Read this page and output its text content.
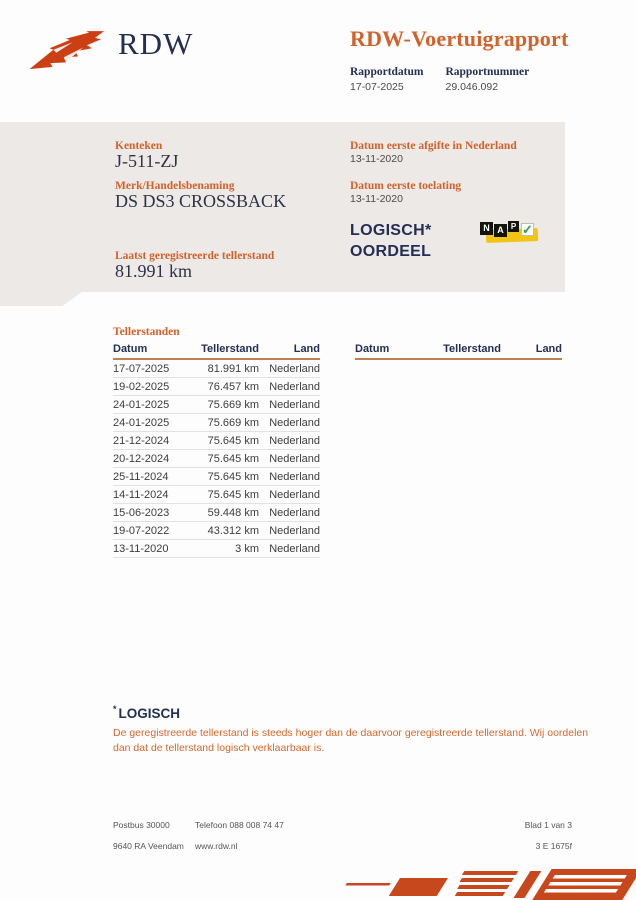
RDW	RDW-Voertuigrapport
Rapportdatum
17-07-2025
Rapportnummer
29.046.092
Kenteken
J-511-ZJ
Merk/Handelsbenaming
DS DS3 CROSSBACK
Laatst geregistreerde tellerstand
81.991 km
Datum eerste afgifte in Nederland
13-11-2020
Datum eerste toelating
13-11-2020
LOGISCH*
OORDEEL
N A P ✓
Tellerstanden
Datum	Tellerstand	Land
17-07-2025	81.991 km	Nederland
19-02-2025	76.457 km	Nederland
24-01-2025	75.669 km	Nederland
24-01-2025	75.669 km	Nederland
21-12-2024	75.645 km	Nederland
20-12-2024	75.645 km	Nederland
25-11-2024	75.645 km	Nederland
14-11-2024	75.645 km	Nederland
15-06-2023	59.448 km	Nederland
19-07-2022	43.312 km	Nederland
13-11-2020	3 km	Nederland
Datum	Tellerstand	Land
* LOGISCH
De geregistreerde tellerstand is steeds hoger dan de daarvoor geregistreerde tellerstand. Wij oordelen dan dat de tellerstand logisch verklaarbaar is.
Postbus 30000	Telefoon 088 008 74 47	Blad 1 van 3
9640 RA Veendam	www.rdw.nl	3 E 1675f
